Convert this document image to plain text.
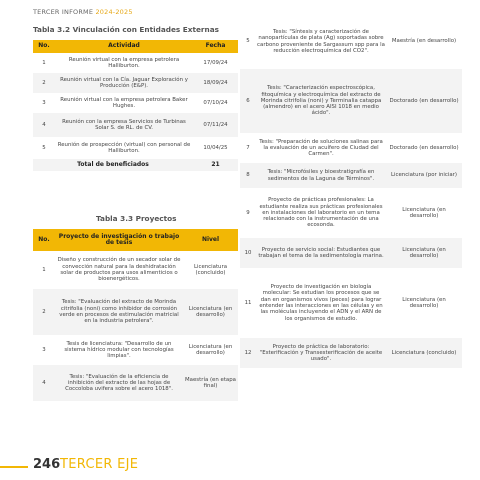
TERCER INFORME 2024-2025
Tabla 3.2 Vinculación con Entidades Externas
No.	Actividad	Fecha
1	Reunión virtual con la empresa petrolera Halliburton.	17/09/24
2	Reunión virtual con la Cía. Jaguar Exploración y Producción (E&P).	18/09/24
3	Reunión virtual con la empresa petrolera Baker Hughes.	07/10/24
4	Reunión con la empresa Servicios de Turbinas Solar S. de RL. de CV.	07/11/24
5	Reunión de prospección (virtual) con personal de Halliburton.	10/04/25
Total de beneficiados		21
Tabla 3.3 Proyectos
No.	Proyecto de investigación o trabajo de tesis	Nivel
1	Diseño y construcción de un secador solar de convección natural para la deshidratación solar de productos para usos alimenticios o bioenergéticos.	Licenciatura (concluido)
2	Tesis: "Evaluación del extracto de Morinda citrifolia (noni) como inhibidor de corrosión verde en procesos de estimulación matricial en la industria petrolera".	Licenciatura (en desarrollo)
3	Tesis de licenciatura: "Desarrollo de un sistema hídrico modular con tecnologías limpias".	Licenciatura (en desarrollo)
4	Tesis: "Evaluación de la eficiencia de inhibición del extracto de las hojas de Coccoloba uvifera sobre el acero 1018".	Maestría (en etapa final)
5	Tesis: "Síntesis y caracterización de nanopartículas de plata (Ag) soportadas sobre carbono proveniente de Sargassum spp para la reducción electroquímica del CO2".	Maestría (en desarrollo)
6	Tesis: "Caracterización espectroscópica, fitoquímica y electroquímica del extracto de Morinda citrifolia (noni) y Terminalia catappa (almendro) en el acero AISI 1018 en medio ácido".	Doctorado (en desarrollo)
7	Tesis: "Preparación de soluciones salinas para la evaluación de un acuífero de Ciudad del Carmen".	Doctorado (en desarrollo)
8	Tesis: "Microfósiles y bioestratigrafía en sedimentos de la Laguna de Términos".	Licenciatura (por iniciar)
9	Proyecto de prácticas profesionales: La estudiante realiza sus prácticas profesionales en instalaciones del laboratorio en un tema relacionado con la instrumentación de una ecosonda.	Licenciatura (en desarrollo)
10	Proyecto de servicio social: Estudiantes que trabajan el tema de la sedimentología marina.	Licenciatura (en desarrollo)
11	Proyecto de investigación en biología molecular: Se estudian los procesos que se dan en organismos vivos (peces) para lograr entender las interacciones en las células y en las moléculas incluyendo el ADN y el ARN de los organismos de estudio.	Licenciatura (en desarrollo)
12	Proyecto de práctica de laboratorio: "Esterificación y Transesterificación de aceite usado".	Licenciatura (concluido)
246 TERCER EJE
